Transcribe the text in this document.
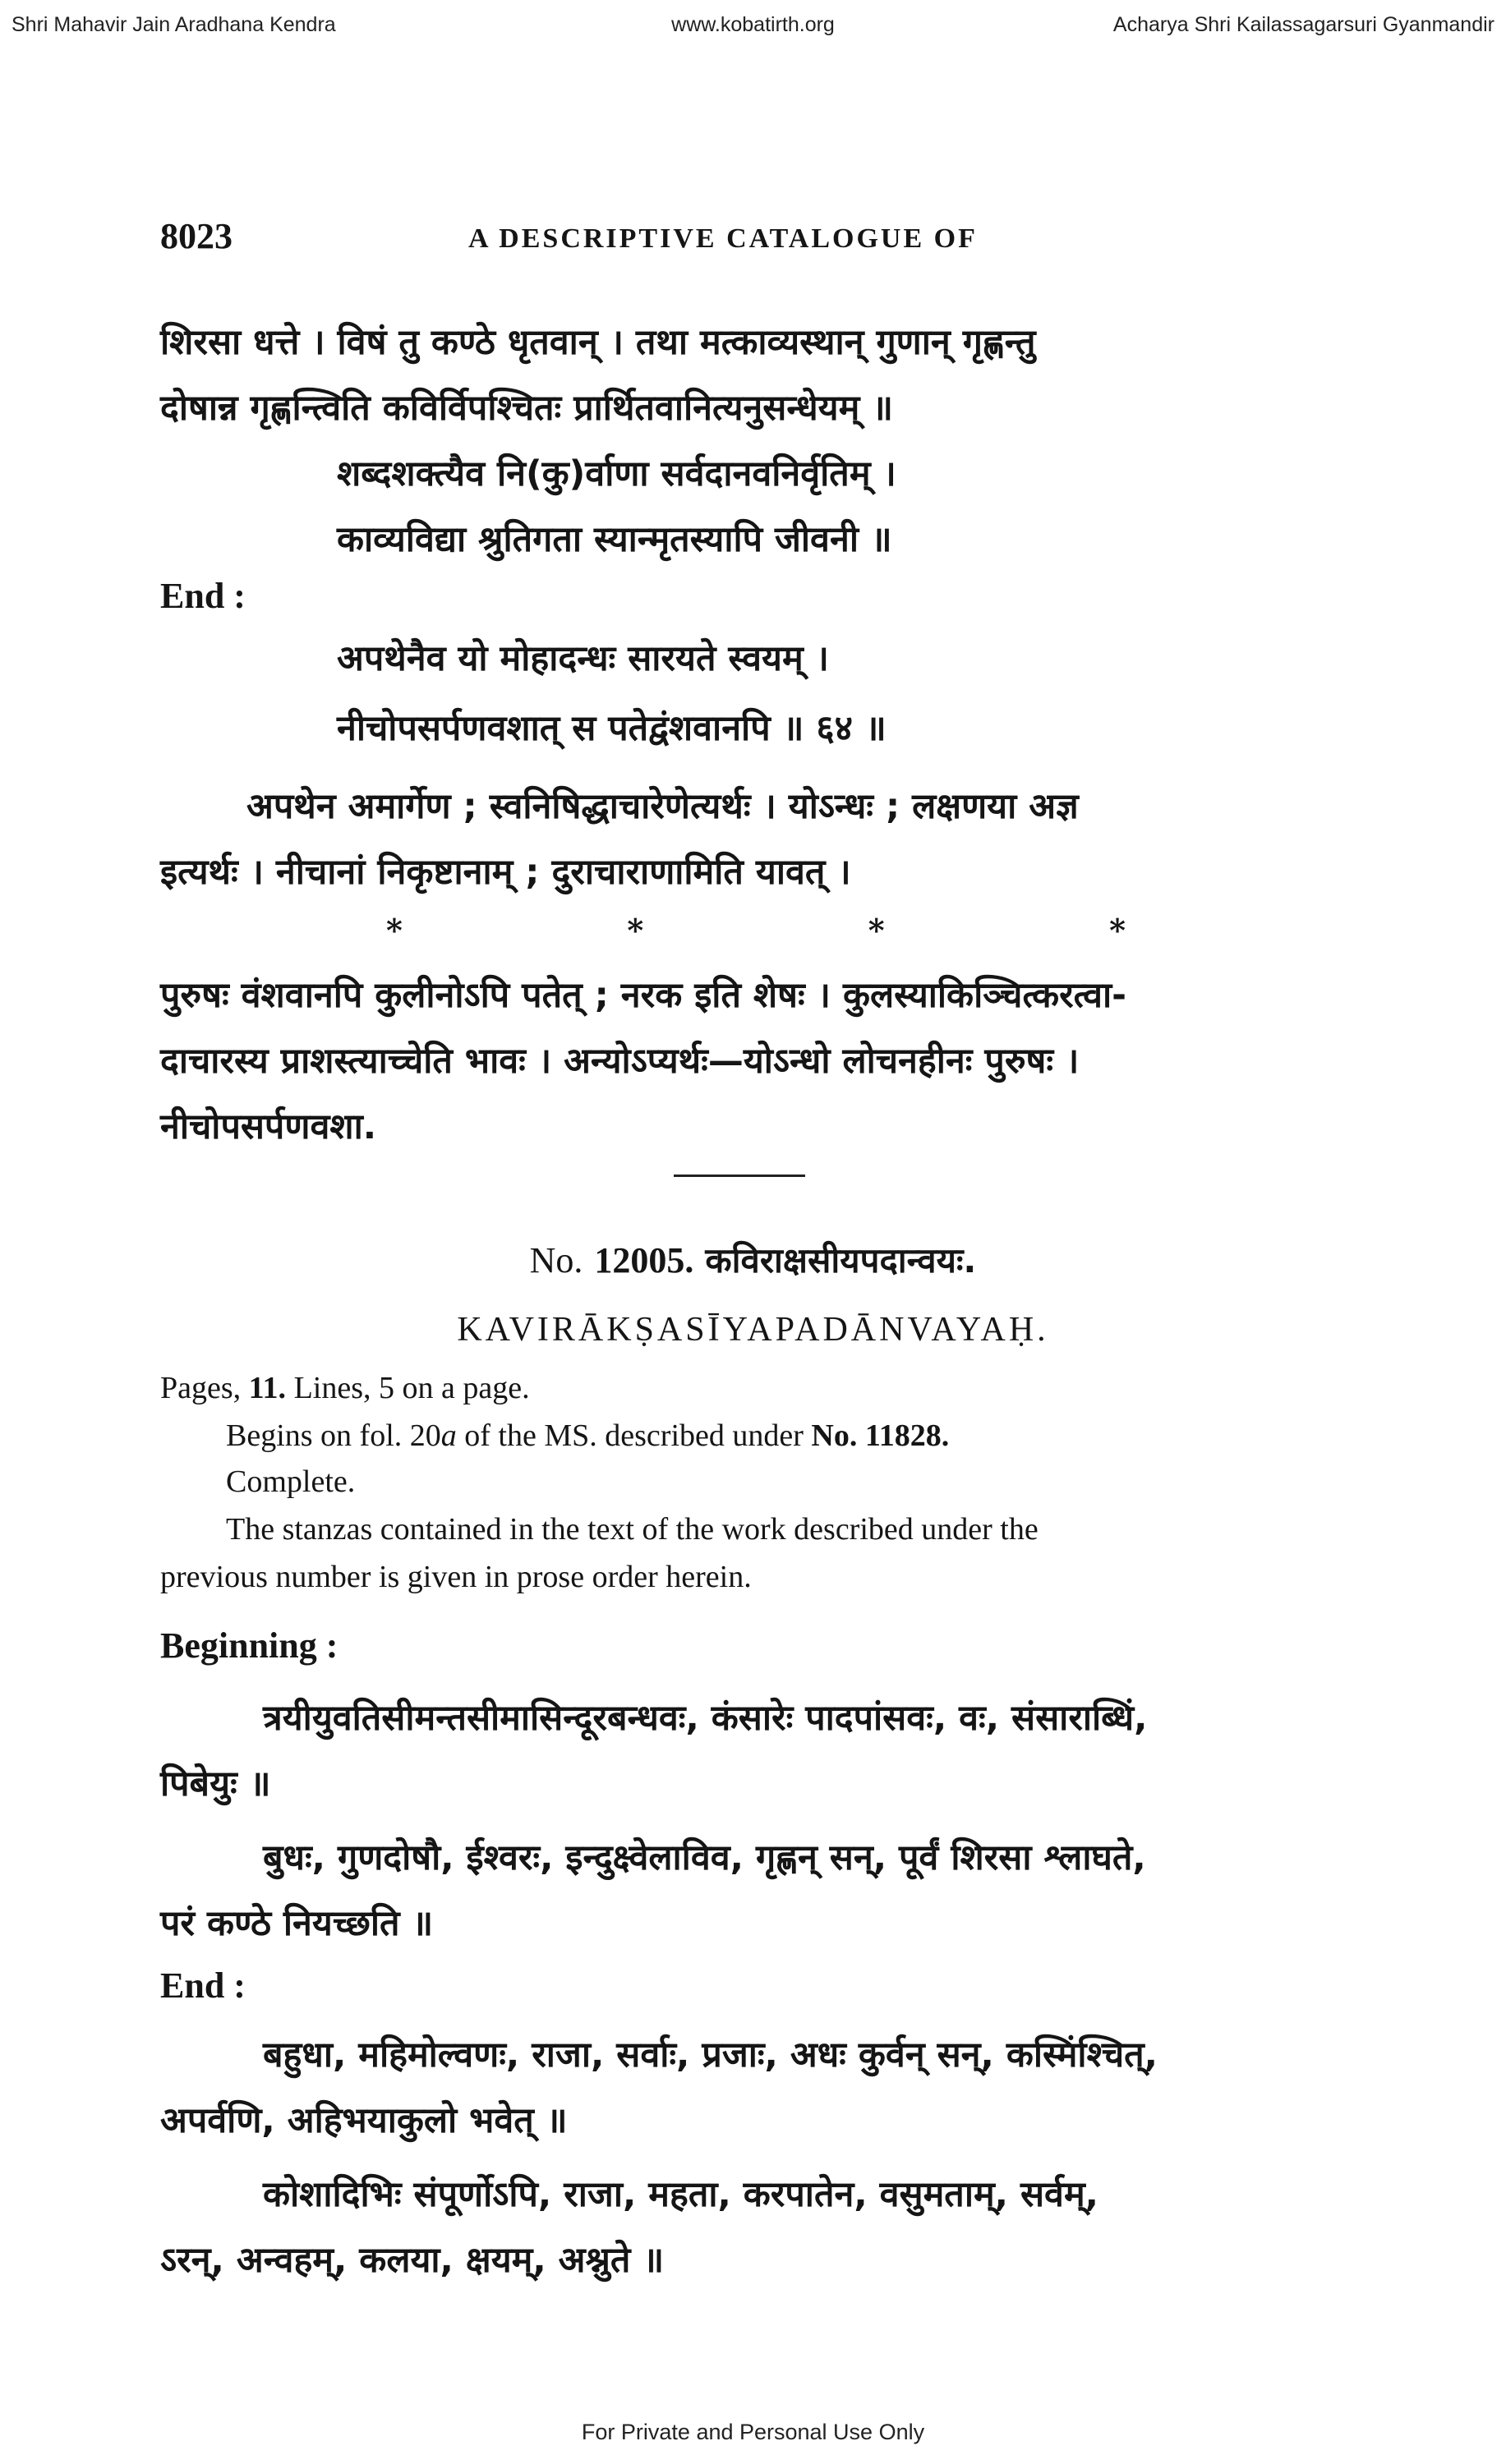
Shri Mahavir Jain Aradhana Kendra	www.kobatirth.org	Acharya Shri Kailassagarsuri Gyanmandir
8023	A DESCRIPTIVE CATALOGUE OF
शिरसा धत्ते । विषं तु कण्ठे धृतवान् । तथा मत्काव्यस्थान् गुणान् गृह्णन्तु
दोषान्न गृह्णन्त्विति कविर्विपश्चितः प्रार्थितवानित्यनुसन्धेयम् ॥
शब्दशक्त्यैव नि(कु)र्वाणा सर्वदानवनिर्वृतिम् ।
काव्यविद्या श्रुतिगता स्यान्मृतस्यापि जीवनी ॥
End :
अपथेनैव यो मोहादन्धः सारयते स्वयम् ।
नीचोपसर्पणवशात् स पतेद्वंशवानपि ॥ ६४ ॥
अपथेन अमार्गेण ; स्वनिषिद्धाचारेणेत्यर्थः । योऽन्धः ; लक्षणया अज्ञ
इत्यर्थः । नीचानां निकृष्टानाम् ; दुराचाराणामिति यावत् ।
*	*	*	*
पुरुषः वंशवानपि कुलीनोऽपि पतेत् ; नरक इति शेषः । कुलस्याकिञ्चित्करत्वा-
दाचारस्य प्राशस्त्याच्चेति भावः । अन्योऽप्यर्थः—योऽन्धो लोचनहीनः पुरुषः ।
नीचोपसर्पणवशा.
No. 12005. कविराक्षसीयपदान्वयः.
KAVIRĀKṢASĪYAPADĀNVAYAḤ.
Pages, 11. Lines, 5 on a page.
Begins on fol. 20a of the MS. described under No. 11828.
Complete.
The stanzas contained in the text of the work described under the
previous number is given in prose order herein.
Beginning :
त्रयीयुवतिसीमन्तसीमासिन्दूरबन्धवः, कंसारेः पादपांसवः, वः, संसाराब्धिं,
पिबेयुः ॥
बुधः, गुणदोषौ, ईश्वरः, इन्दुक्ष्वेलाविव, गृह्णन् सन्, पूर्वं शिरसा श्लाघते,
परं कण्ठे नियच्छति ॥
End :
बहुधा, महिमोल्वणः, राजा, सर्वाः, प्रजाः, अधः कुर्वन् सन्, कस्मिंश्चित्,
अपर्वणि, अहिभयाकुलो भवेत् ॥
कोशादिभिः संपूर्णोऽपि, राजा, महता, करपातेन, वसुमताम्, सर्वम्,
ऽरन्, अन्वहम्, कलया, क्षयम्, अश्नुते ॥
For Private and Personal Use Only
